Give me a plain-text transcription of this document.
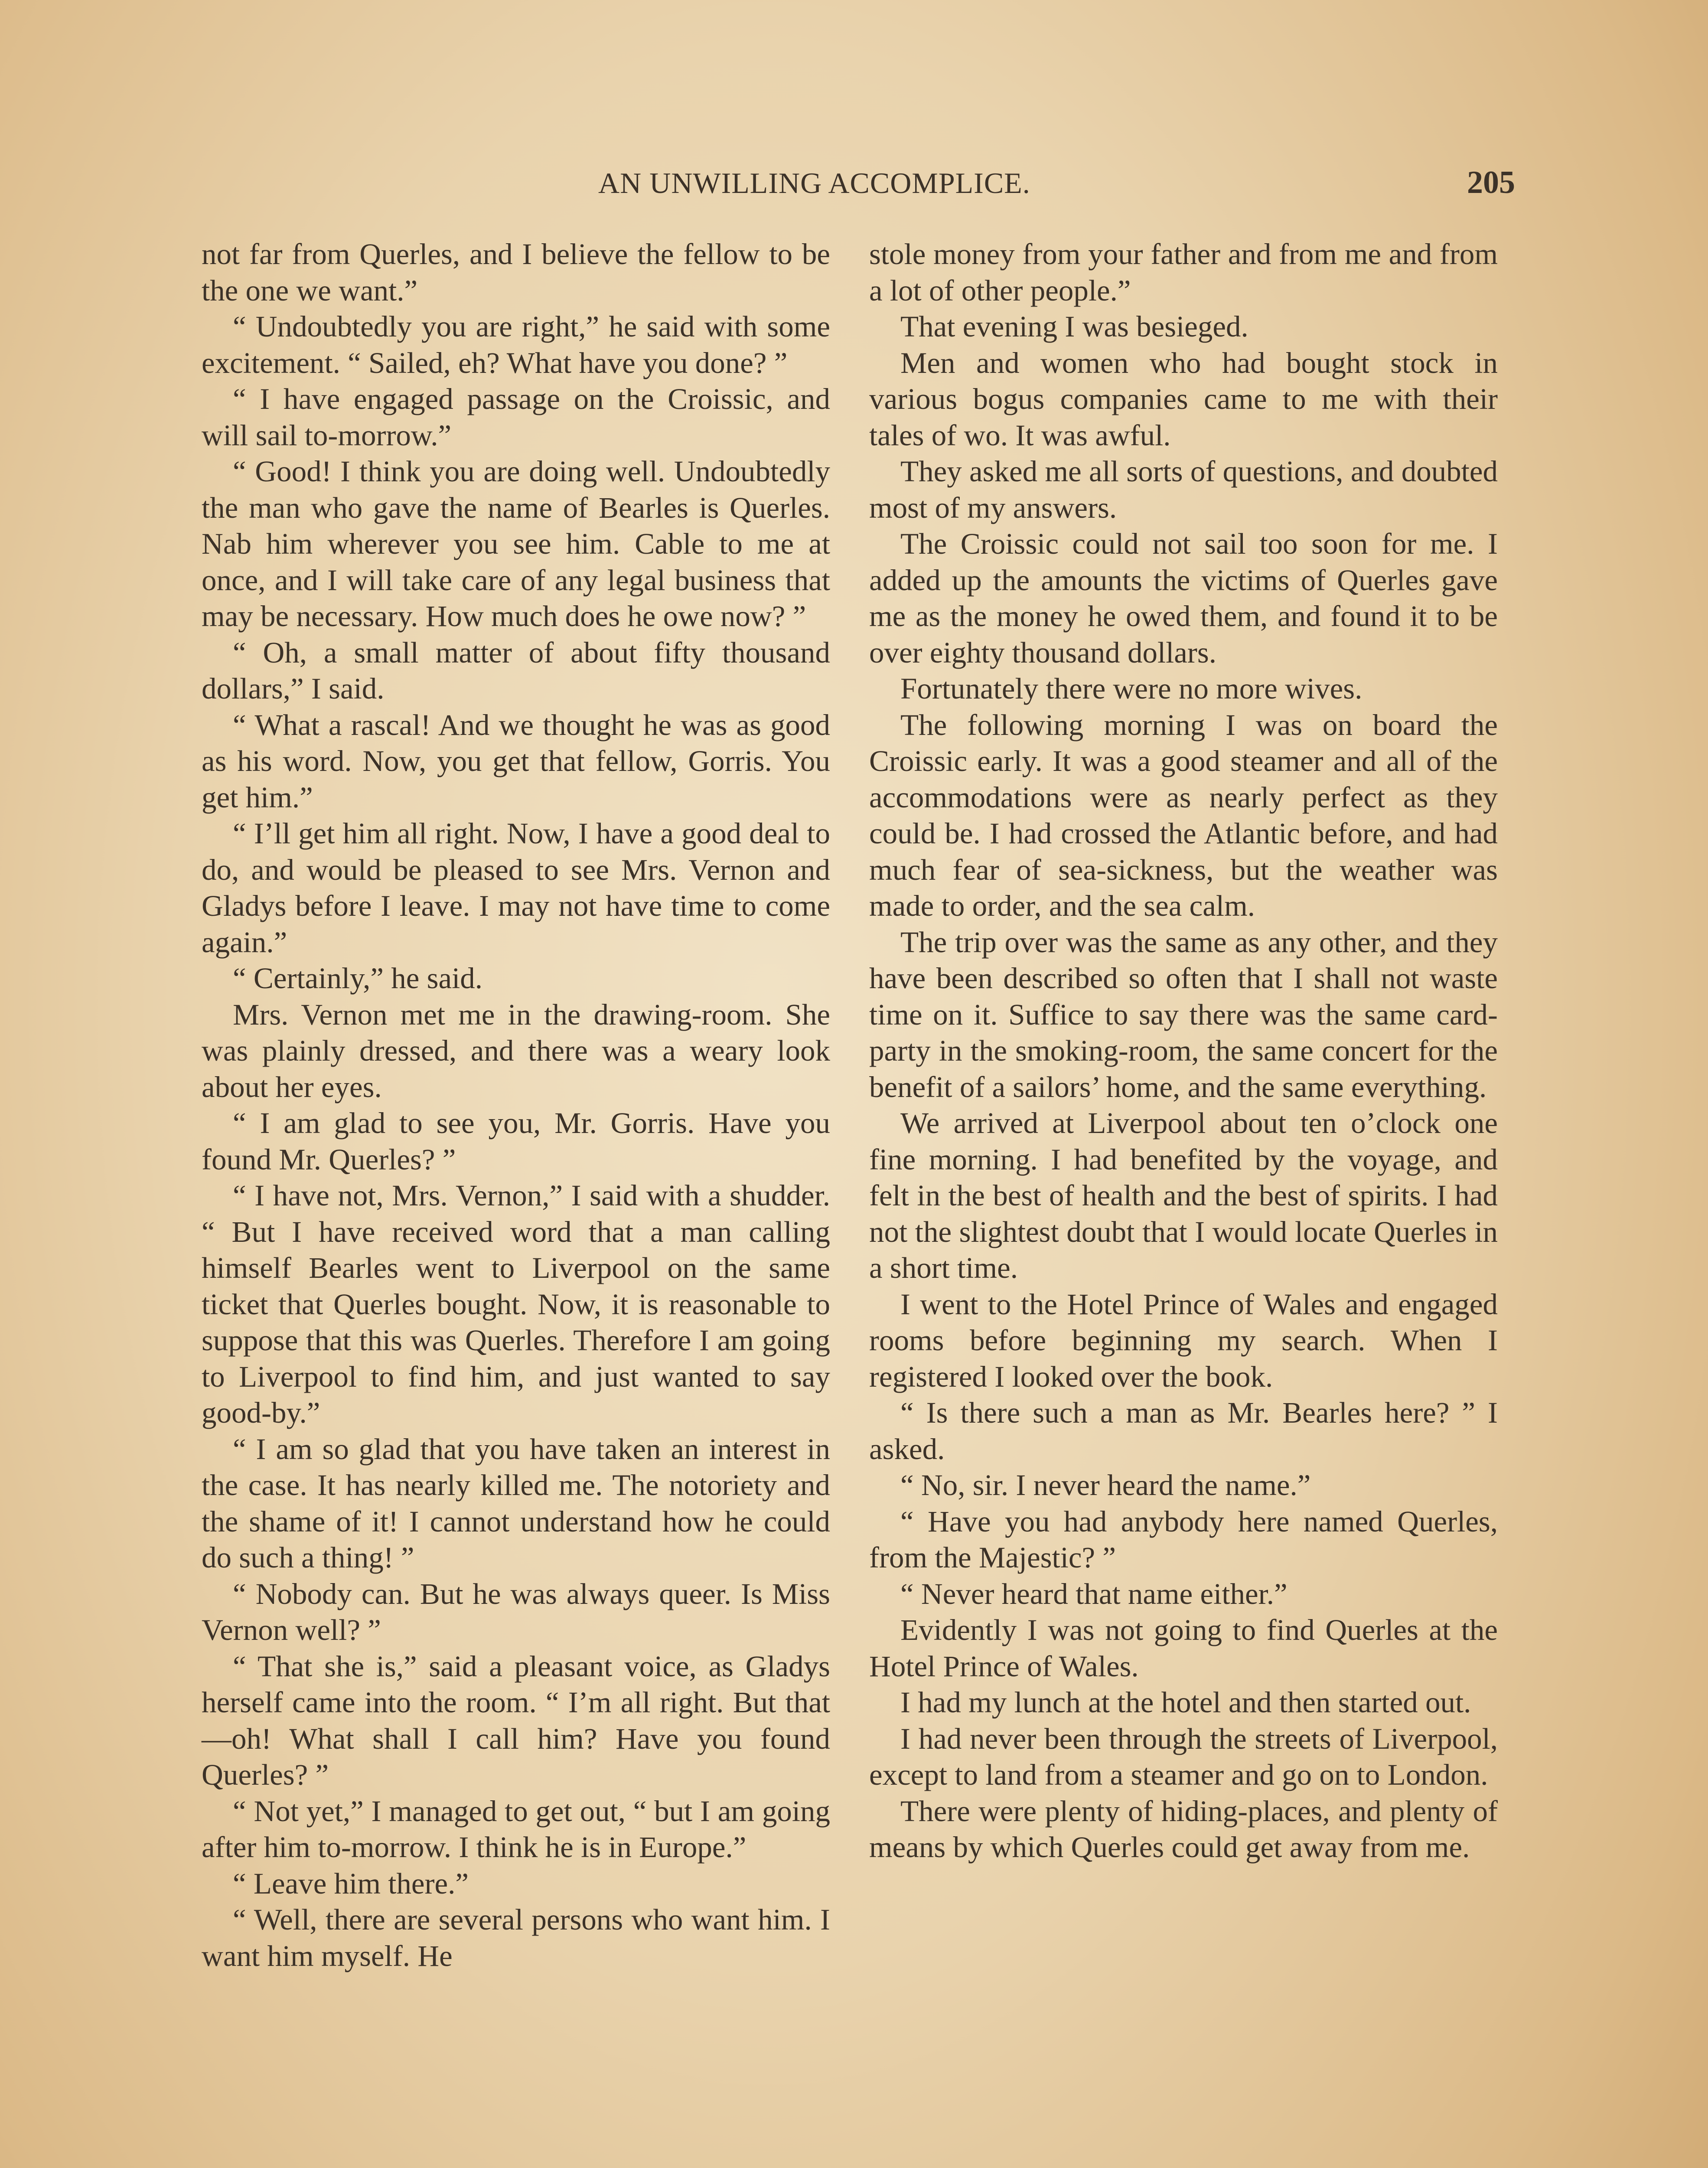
AN UNWILLING ACCOMPLICE.	205

not far from Querles, and I believe the fellow to be the one we want.”

“ Undoubtedly you are right,” he said with some excitement. “ Sailed, eh? What have you done? ”

“ I have engaged passage on the Croissic, and will sail to-morrow.”

“ Good! I think you are doing well. Undoubtedly the man who gave the name of Bearles is Querles. Nab him wherever you see him. Cable to me at once, and I will take care of any legal business that may be necessary. How much does he owe now? ”

“ Oh, a small matter of about fifty thousand dollars,” I said.

“ What a rascal! And we thought he was as good as his word. Now, you get that fellow, Gorris. You get him.”

“ I’ll get him all right. Now, I have a good deal to do, and would be pleased to see Mrs. Vernon and Gladys before I leave. I may not have time to come again.”

“ Certainly,” he said.

Mrs. Vernon met me in the drawing-room. She was plainly dressed, and there was a weary look about her eyes.

“ I am glad to see you, Mr. Gorris. Have you found Mr. Querles? ”

“ I have not, Mrs. Vernon,” I said with a shudder. “ But I have received word that a man calling himself Bearles went to Liverpool on the same ticket that Querles bought. Now, it is reasonable to suppose that this was Querles. Therefore I am going to Liverpool to find him, and just wanted to say good-by.”

“ I am so glad that you have taken an interest in the case. It has nearly killed me. The notoriety and the shame of it! I cannot understand how he could do such a thing! ”

“ Nobody can. But he was always queer. Is Miss Vernon well? ”

“ That she is,” said a pleasant voice, as Gladys herself came into the room. “ I’m all right. But that—oh! What shall I call him? Have you found Querles? ”

“ Not yet,” I managed to get out, “ but I am going after him to-morrow. I think he is in Europe.”

“ Leave him there.”

“ Well, there are several persons who want him. I want him myself. He

stole money from your father and from me and from a lot of other people.”

That evening I was besieged.

Men and women who had bought stock in various bogus companies came to me with their tales of wo. It was awful.

They asked me all sorts of questions, and doubted most of my answers.

The Croissic could not sail too soon for me. I added up the amounts the victims of Querles gave me as the money he owed them, and found it to be over eighty thousand dollars.

Fortunately there were no more wives.

The following morning I was on board the Croissic early. It was a good steamer and all of the accommodations were as nearly perfect as they could be. I had crossed the Atlantic before, and had much fear of sea-sickness, but the weather was made to order, and the sea calm.

The trip over was the same as any other, and they have been described so often that I shall not waste time on it. Suffice to say there was the same card-party in the smoking-room, the same concert for the benefit of a sailors’ home, and the same everything.

We arrived at Liverpool about ten o’clock one fine morning. I had benefited by the voyage, and felt in the best of health and the best of spirits. I had not the slightest doubt that I would locate Querles in a short time.

I went to the Hotel Prince of Wales and engaged rooms before beginning my search. When I registered I looked over the book.

“ Is there such a man as Mr. Bearles here? ” I asked.

“ No, sir. I never heard the name.”

“ Have you had anybody here named Querles, from the Majestic? ”

“ Never heard that name either.”

Evidently I was not going to find Querles at the Hotel Prince of Wales.

I had my lunch at the hotel and then started out.

I had never been through the streets of Liverpool, except to land from a steamer and go on to London.

There were plenty of hiding-places, and plenty of means by which Querles could get away from me.
